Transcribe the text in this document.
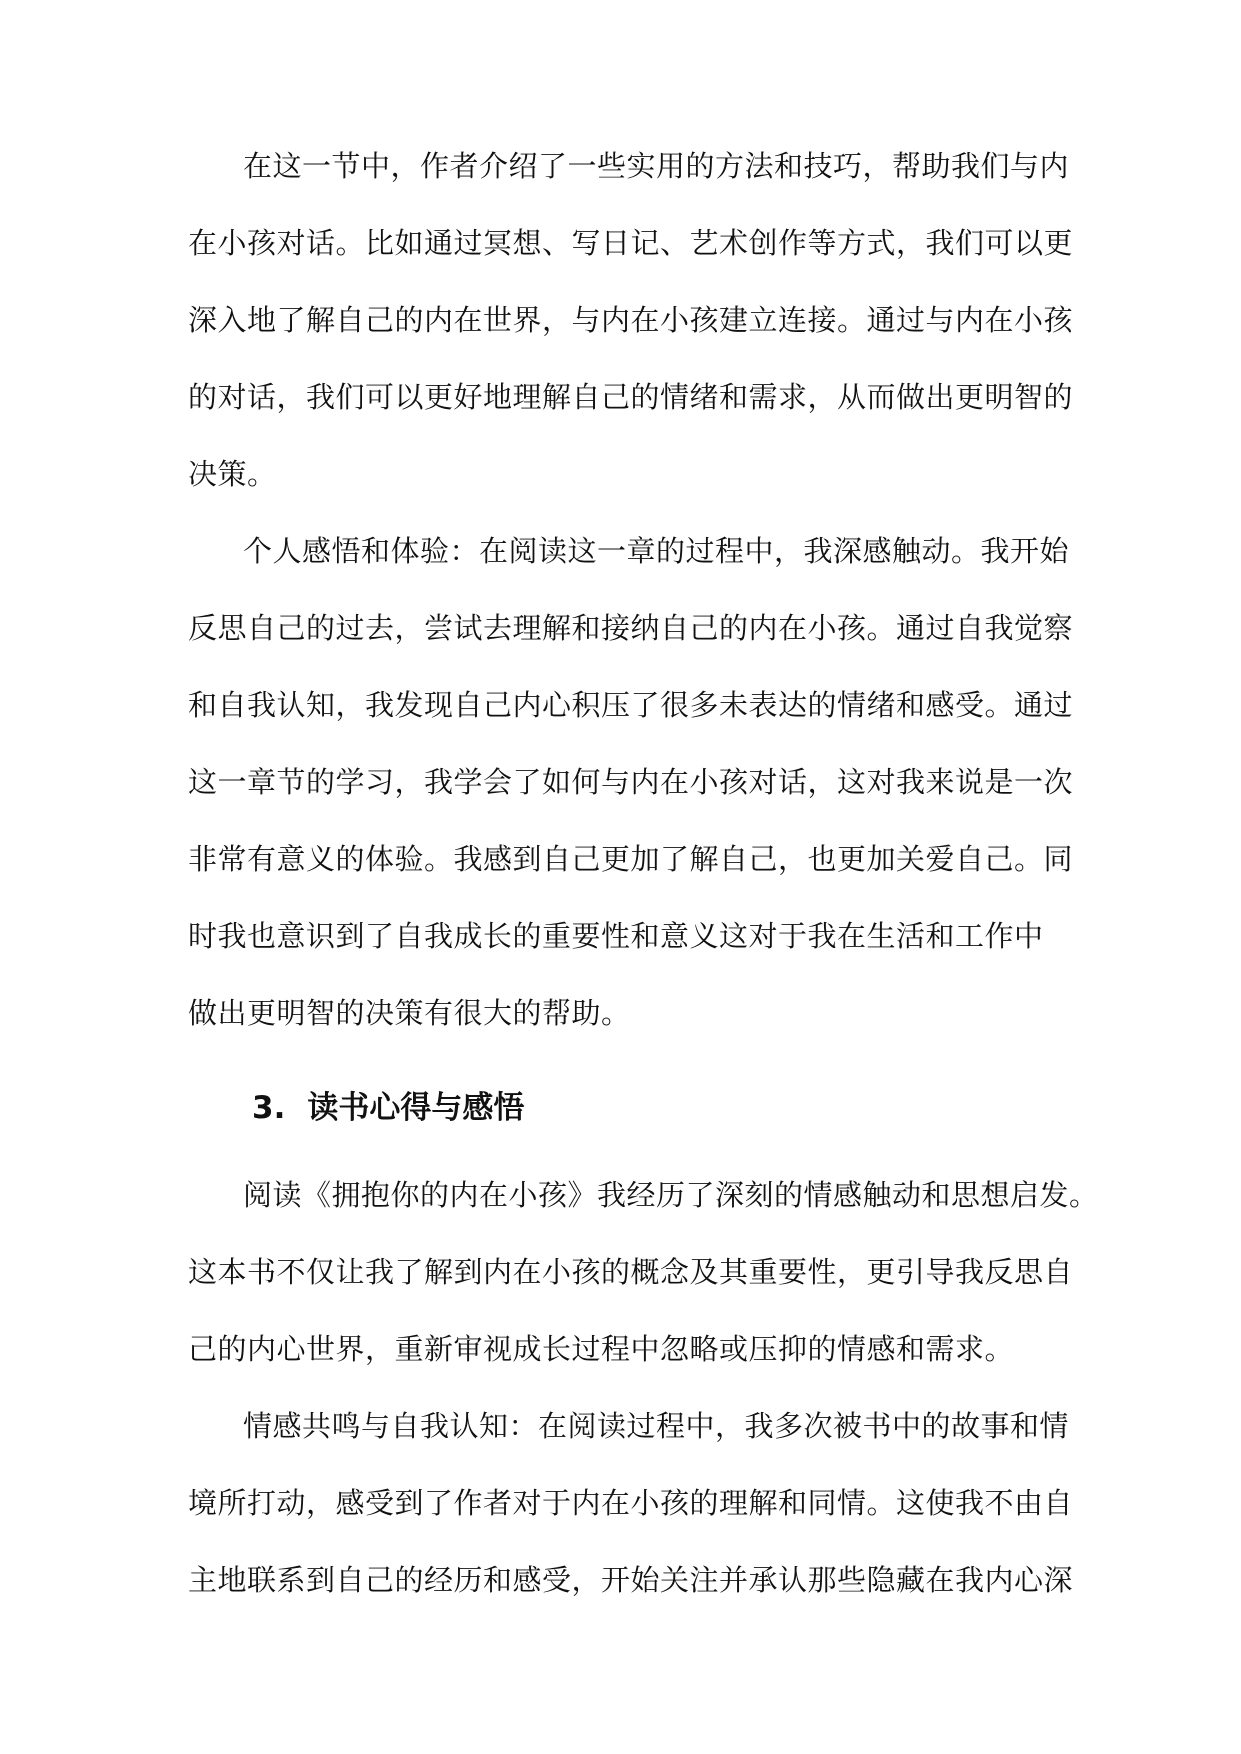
在这一节中，作者介绍了一些实用的方法和技巧，帮助我们与内
在小孩对话。比如通过冥想、写日记、艺术创作等方式，我们可以更
深入地了解自己的内在世界，与内在小孩建立连接。通过与内在小孩
的对话，我们可以更好地理解自己的情绪和需求，从而做出更明智的
决策。
个人感悟和体验：在阅读这一章的过程中，我深感触动。我开始
反思自己的过去，尝试去理解和接纳自己的内在小孩。通过自我觉察
和自我认知，我发现自己内心积压了很多未表达的情绪和感受。通过
这一章节的学习，我学会了如何与内在小孩对话，这对我来说是一次
非常有意义的体验。我感到自己更加了解自己，也更加关爱自己。同
时我也意识到了自我成长的重要性和意义这对于我在生活和工作中
做出更明智的决策有很大的帮助。
3. 读书心得与感悟
阅读《拥抱你的内在小孩》我经历了深刻的情感触动和思想启发。
这本书不仅让我了解到内在小孩的概念及其重要性，更引导我反思自
己的内心世界，重新审视成长过程中忽略或压抑的情感和需求。
情感共鸣与自我认知：在阅读过程中，我多次被书中的故事和情
境所打动，感受到了作者对于内在小孩的理解和同情。这使我不由自
主地联系到自己的经历和感受，开始关注并承认那些隐藏在我内心深
